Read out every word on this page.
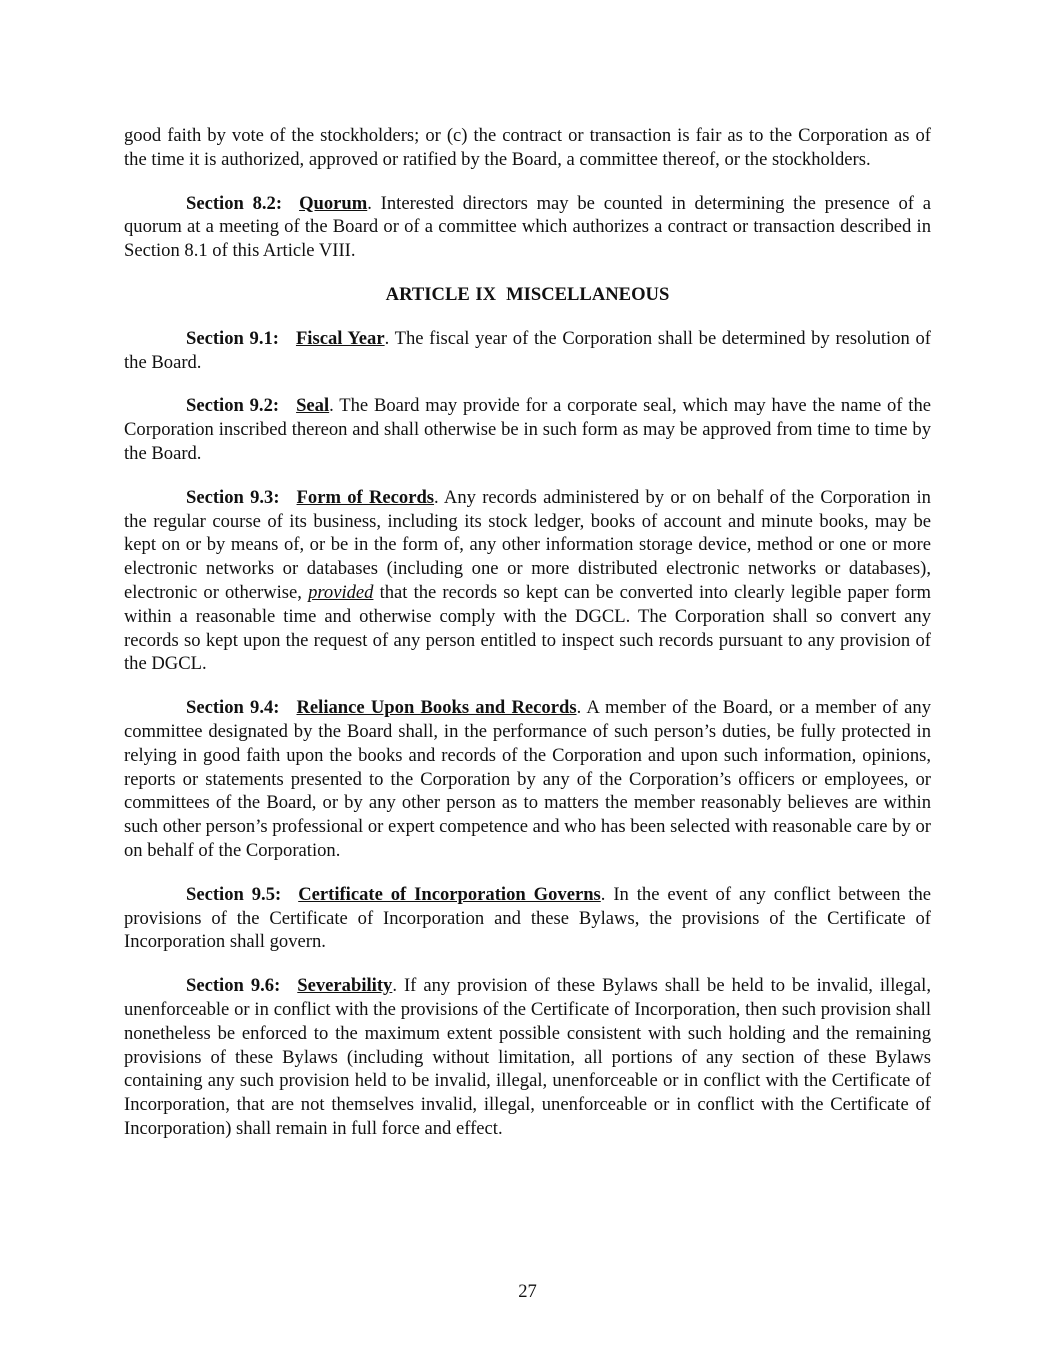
good faith by vote of the stockholders; or (c) the contract or transaction is fair as to the Corporation as of the time it is authorized, approved or ratified by the Board, a committee thereof, or the stockholders.

Section 8.2: Quorum. Interested directors may be counted in determining the presence of a quorum at a meeting of the Board or of a committee which authorizes a contract or transaction described in Section 8.1 of this Article VIII.

ARTICLE IX MISCELLANEOUS

Section 9.1: Fiscal Year. The fiscal year of the Corporation shall be determined by resolution of the Board.

Section 9.2: Seal. The Board may provide for a corporate seal, which may have the name of the Corporation inscribed thereon and shall otherwise be in such form as may be approved from time to time by the Board.

Section 9.3: Form of Records. Any records administered by or on behalf of the Corporation in the regular course of its business, including its stock ledger, books of account and minute books, may be kept on or by means of, or be in the form of, any other information storage device, method or one or more electronic networks or databases (including one or more distributed electronic networks or databases), electronic or otherwise, provided that the records so kept can be converted into clearly legible paper form within a reasonable time and otherwise comply with the DGCL. The Corporation shall so convert any records so kept upon the request of any person entitled to inspect such records pursuant to any provision of the DGCL.

Section 9.4: Reliance Upon Books and Records. A member of the Board, or a member of any committee designated by the Board shall, in the performance of such person’s duties, be fully protected in relying in good faith upon the books and records of the Corporation and upon such information, opinions, reports or statements presented to the Corporation by any of the Corporation’s officers or employees, or committees of the Board, or by any other person as to matters the member reasonably believes are within such other person’s professional or expert competence and who has been selected with reasonable care by or on behalf of the Corporation.

Section 9.5: Certificate of Incorporation Governs. In the event of any conflict between the provisions of the Certificate of Incorporation and these Bylaws, the provisions of the Certificate of Incorporation shall govern.

Section 9.6: Severability. If any provision of these Bylaws shall be held to be invalid, illegal, unenforceable or in conflict with the provisions of the Certificate of Incorporation, then such provision shall nonetheless be enforced to the maximum extent possible consistent with such holding and the remaining provisions of these Bylaws (including without limitation, all portions of any section of these Bylaws containing any such provision held to be invalid, illegal, unenforceable or in conflict with the Certificate of Incorporation, that are not themselves invalid, illegal, unenforceable or in conflict with the Certificate of Incorporation) shall remain in full force and effect.

27
